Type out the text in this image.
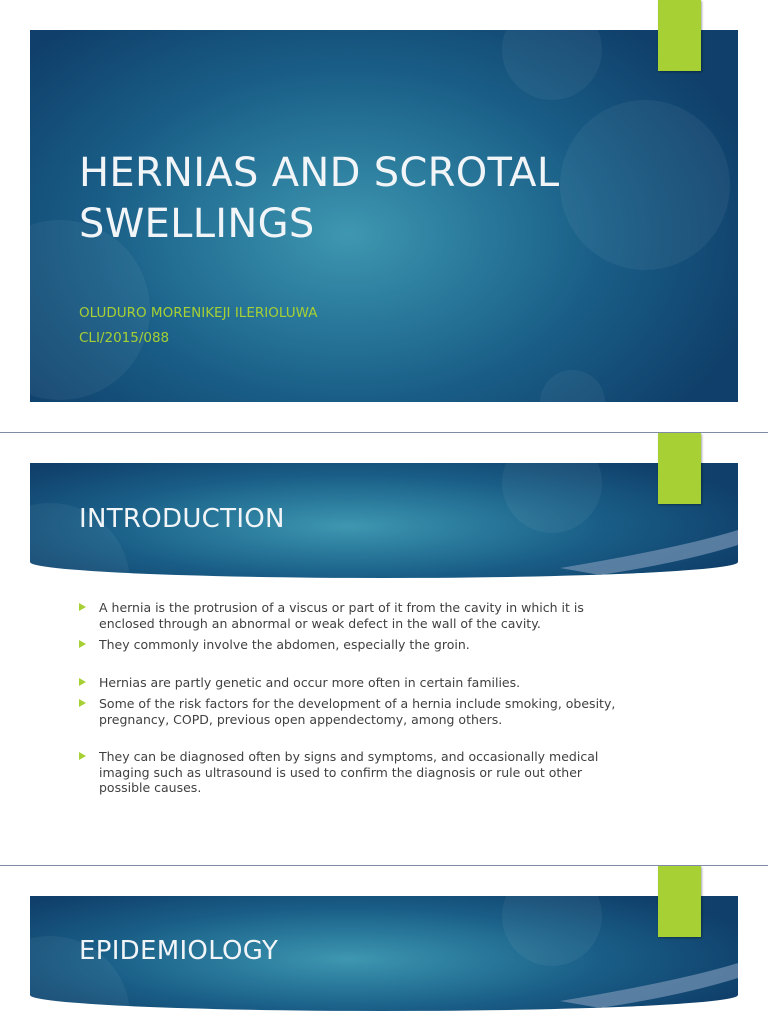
HERNIAS AND SCROTAL
SWELLINGS
OLUDURO MORENIKEJI ILERIOLUWA
CLI/2015/088
INTRODUCTION
A hernia is the protrusion of a viscus or part of it from the cavity in which it is enclosed through an abnormal or weak defect in the wall of the cavity.
They commonly involve the abdomen, especially the groin.
Hernias are partly genetic and occur more often in certain families.
Some of the risk factors for the development of a hernia include smoking, obesity, pregnancy, COPD, previous open appendectomy, among others.
They can be diagnosed often by signs and symptoms, and occasionally medical imaging such as ultrasound is used to confirm the diagnosis or rule out other possible causes.
EPIDEMIOLOGY
